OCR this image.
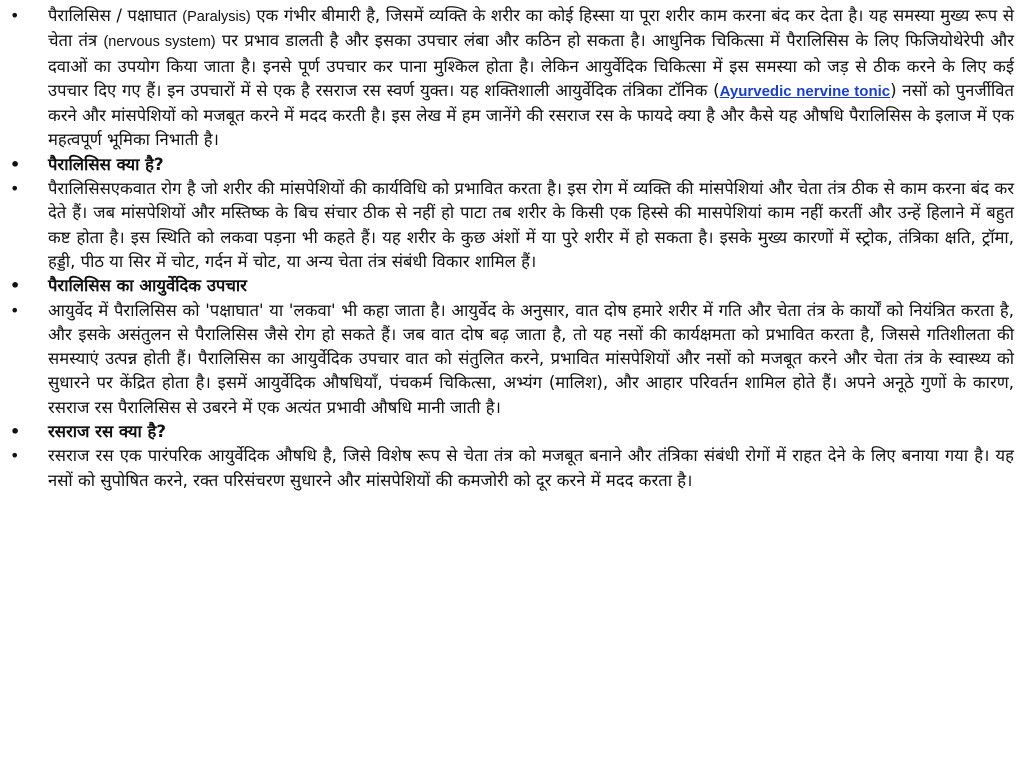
• पैरालिसिस / पक्षाघात (Paralysis) एक गंभीर बीमारी है, जिसमें व्यक्ति के शरीर का कोई हिस्सा या पूरा शरीर काम करना बंद कर देता है। यह समस्या मुख्य रूप से चेता तंत्र (nervous system) पर प्रभाव डालती है और इसका उपचार लंबा और कठिन हो सकता है। आधुनिक चिकित्सा में पैरालिसिस के लिए फिजियोथेरेपी और दवाओं का उपयोग किया जाता है। इनसे पूर्ण उपचार कर पाना मुश्किल होता है। लेकिन आयुर्वेदिक चिकित्सा में इस समस्या को जड़ से ठीक करने के लिए कई उपचार दिए गए हैं। इन उपचारों में से एक है रसराज रस स्वर्ण युक्त। यह शक्तिशाली आयुर्वेदिक तंत्रिका टॉनिक (Ayurvedic nervine tonic) नसों को पुनर्जीवित करने और मांसपेशियों को मजबूत करने में मदद करती है। इस लेख में हम जानेंगे की रसराज रस के फायदे क्या है और कैसे यह औषधि पैरालिसिस के इलाज में एक महत्वपूर्ण भूमिका निभाती है।
• पैरालिसिस क्या है?
• पैरालिसिसएकवात रोग है जो शरीर की मांसपेशियों की कार्यविधि को प्रभावित करता है। इस रोग में व्यक्ति की मांसपेशियां और चेता तंत्र ठीक से काम करना बंद कर देते हैं। जब मांसपेशियों और मस्तिष्क के बिच संचार ठीक से नहीं हो पाटा तब शरीर के किसी एक हिस्से की मासपेशियां काम नहीं करतीं और उन्हें हिलाने में बहुत कष्ट होता है। इस स्थिति को लकवा पड़ना भी कहते हैं। यह शरीर के कुछ अंशों में या पुरे शरीर में हो सकता है। इसके मुख्य कारणों में स्ट्रोक, तंत्रिका क्षति, ट्रॉमा, हड्डी, पीठ या सिर में चोट, गर्दन में चोट, या अन्य चेता तंत्र संबंधी विकार शामिल हैं।
• पैरालिसिस का आयुर्वेदिक उपचार
• आयुर्वेद में पैरालिसिस को 'पक्षाघात' या 'लकवा' भी कहा जाता है। आयुर्वेद के अनुसार, वात दोष हमारे शरीर में गति और चेता तंत्र के कार्यों को नियंत्रित करता है, और इसके असंतुलन से पैरालिसिस जैसे रोग हो सकते हैं। जब वात दोष बढ़ जाता है, तो यह नसों की कार्यक्षमता को प्रभावित करता है, जिससे गतिशीलता की समस्याएं उत्पन्न होती हैं। पैरालिसिस का आयुर्वेदिक उपचार वात को संतुलित करने, प्रभावित मांसपेशियों और नसों को मजबूत करने और चेता तंत्र के स्वास्थ्य को सुधारने पर केंद्रित होता है। इसमें आयुर्वेदिक औषधियाँ, पंचकर्म चिकित्सा, अभ्यंग (मालिश), और आहार परिवर्तन शामिल होते हैं। अपने अनूठे गुणों के कारण, रसराज रस पैरालिसिस से उबरने में एक अत्यंत प्रभावी औषधि मानी जाती है।
• रसराज रस क्या है?
• रसराज रस एक पारंपरिक आयुर्वेदिक औषधि है, जिसे विशेष रूप से चेता तंत्र को मजबूत बनाने और तंत्रिका संबंधी रोगों में राहत देने के लिए बनाया गया है। यह नसों को सुपोषित करने, रक्त परिसंचरण सुधारने और मांसपेशियों की कमजोरी को दूर करने में मदद करता है।
